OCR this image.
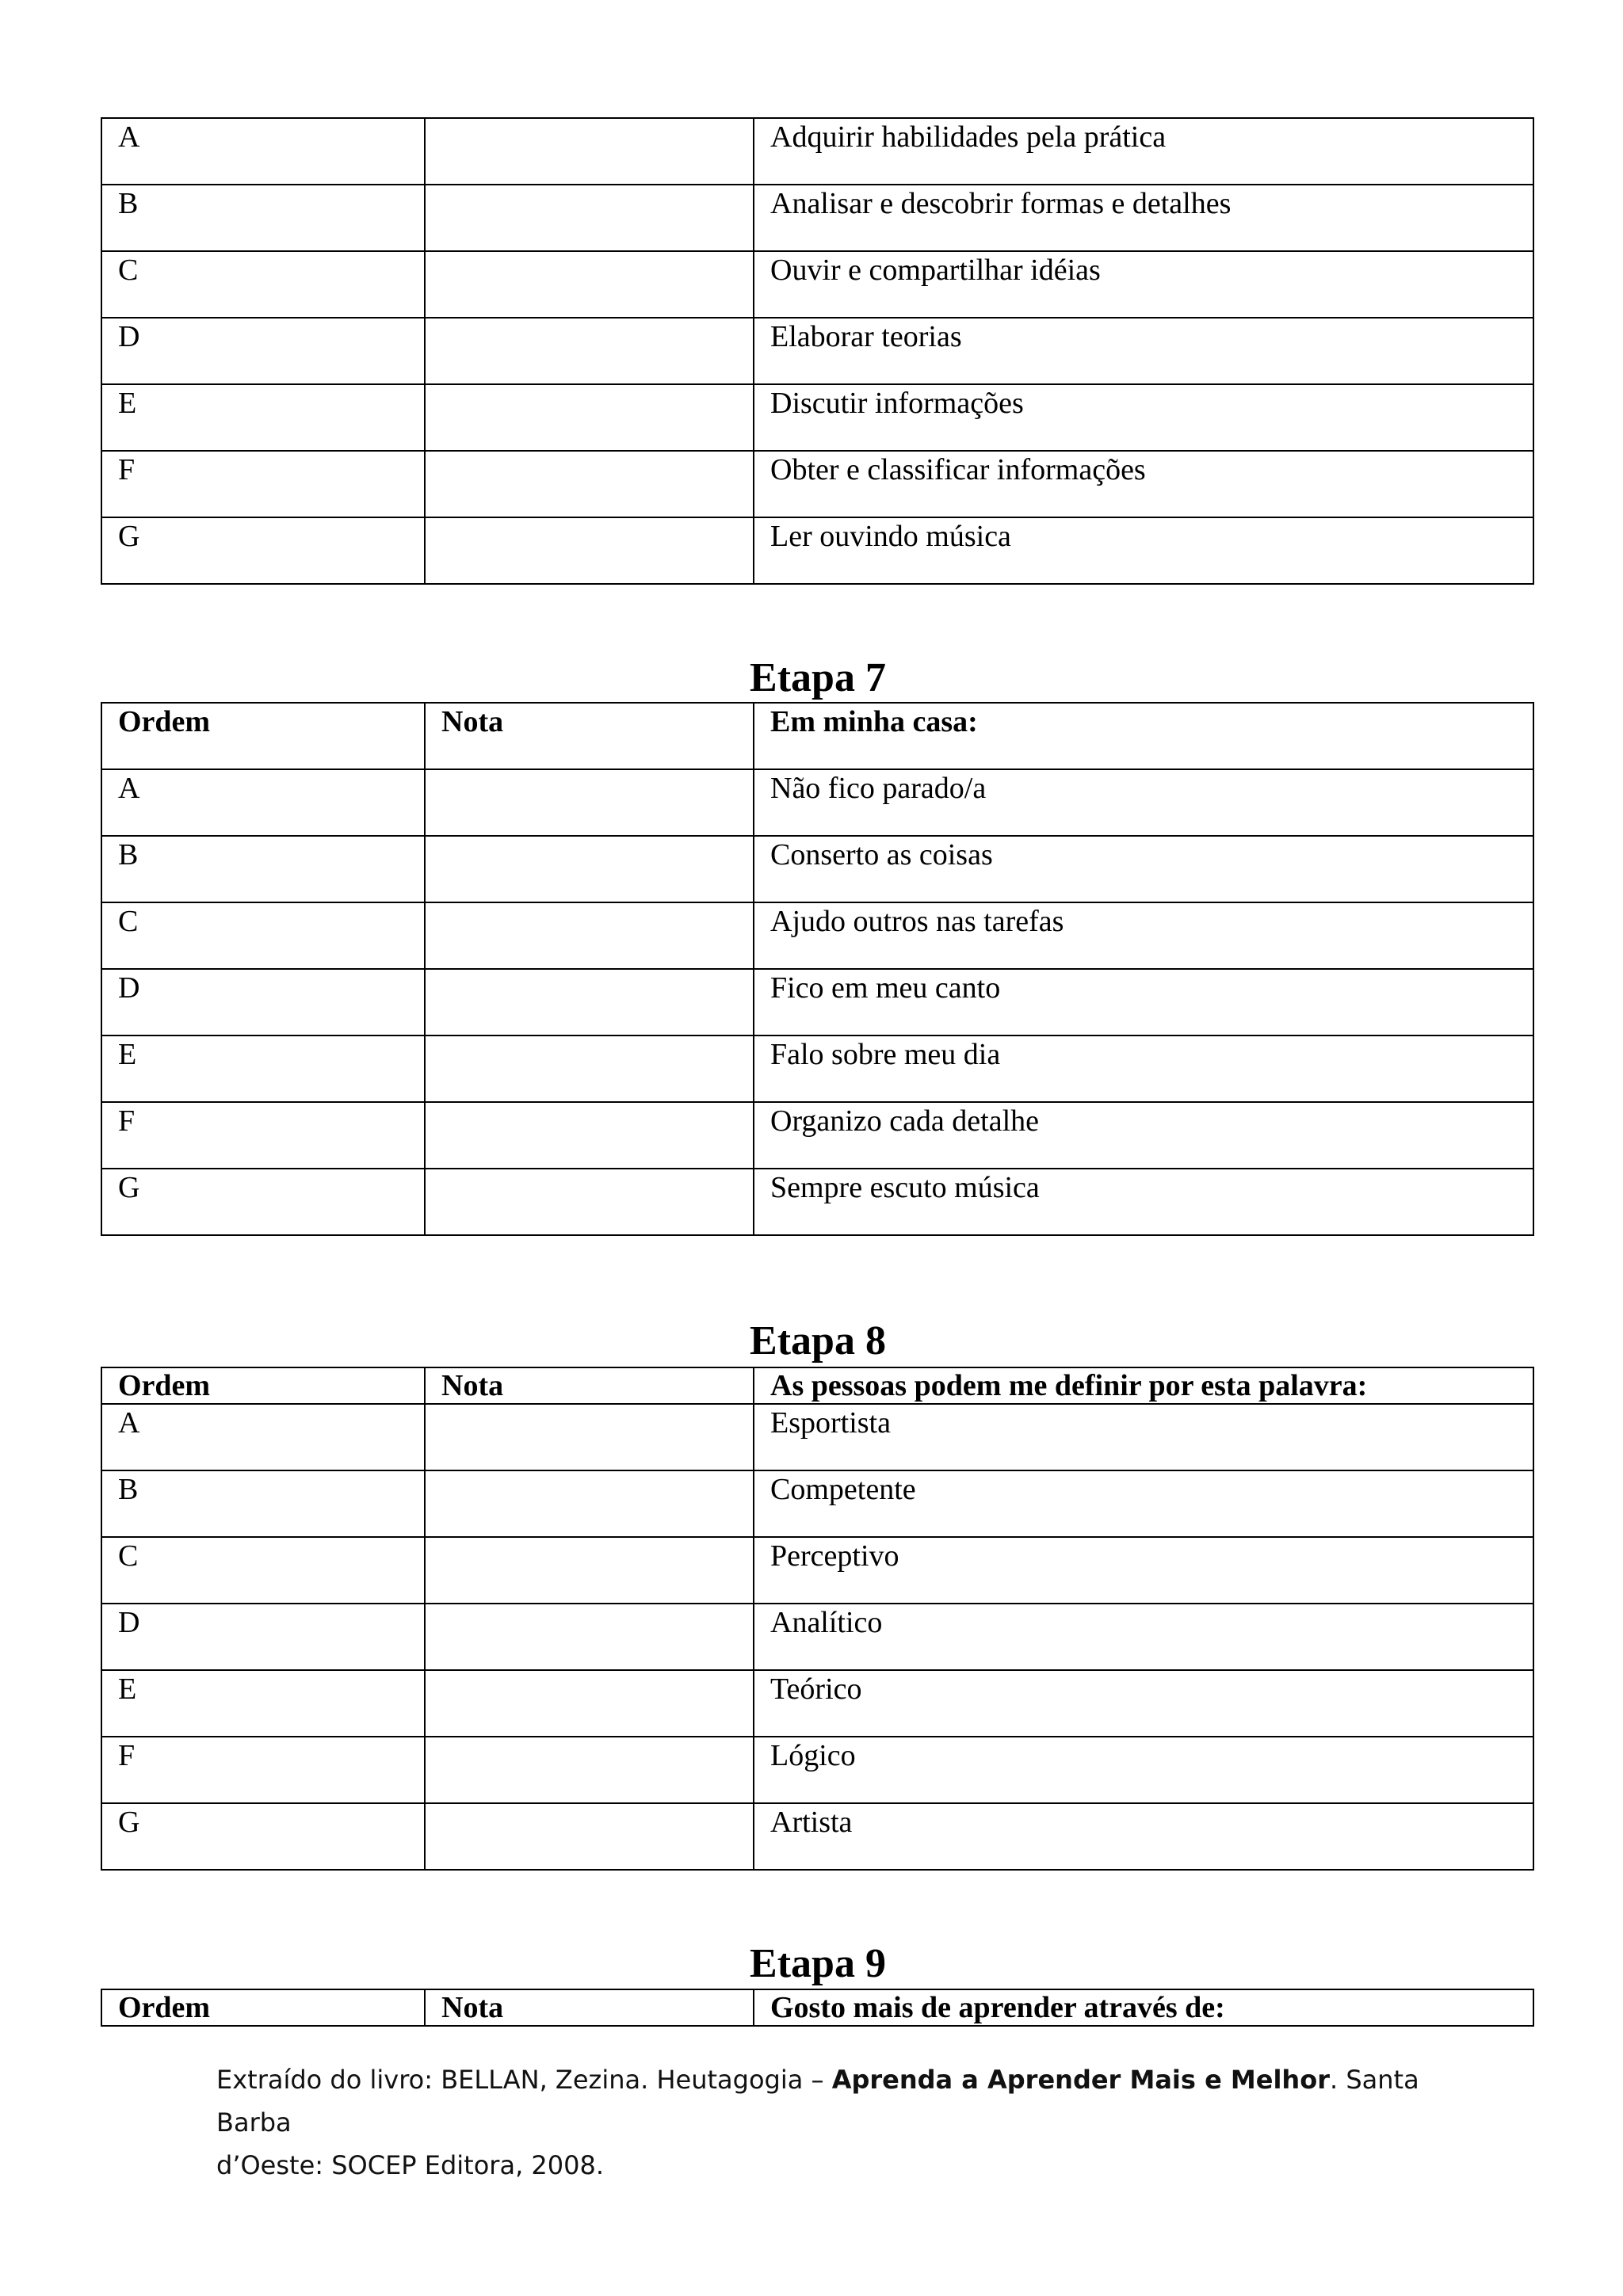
A		Adquirir habilidades pela prática
B		Analisar e descobrir formas e detalhes
C		Ouvir e compartilhar idéias
D		Elaborar teorias
E		Discutir informações
F		Obter e classificar informações
G		Ler ouvindo música
Etapa 7
Ordem	Nota	Em minha casa:
A		Não fico parado/a
B		Conserto as coisas
C		Ajudo outros nas tarefas
D		Fico em meu canto
E		Falo sobre meu dia
F		Organizo cada detalhe
G		Sempre escuto música
Etapa 8
Ordem	Nota	As pessoas podem me definir por esta palavra:
A		Esportista
B		Competente
C		Perceptivo
D		Analítico
E		Teórico
F		Lógico
G		Artista
Etapa 9
Ordem	Nota	Gosto mais de aprender através de:
Extraído do livro: BELLAN, Zezina. Heutagogia – Aprenda a Aprender Mais e Melhor. Santa Barba
d’Oeste: SOCEP Editora, 2008.
